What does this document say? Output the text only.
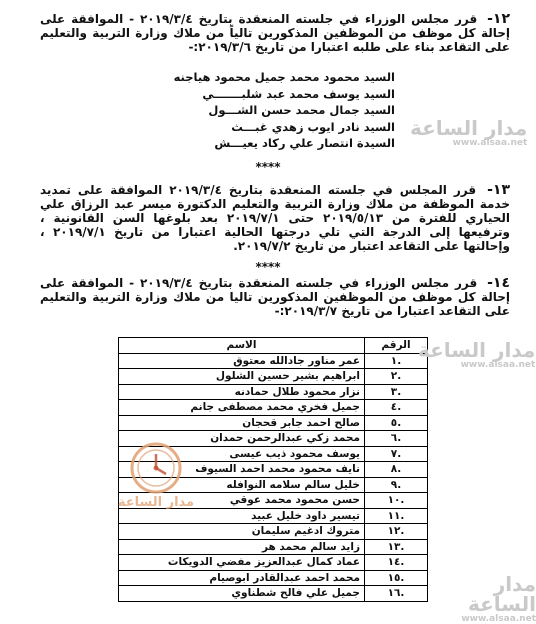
١٢- قرر مجلس الوزراء في جلسته المنعقدة بتاريخ ٢٠١٩/٣/٤ - الموافقة على إحالة كل موظف من الموظفين المذكورين تالياً من ملاك وزارة التربية والتعليم على التقاعد بناء على طلبه اعتبارا من تاريخ ٢٠١٩/٣/٦:-
السيد محمود محمد جميل محمود هياجنه
السيد يوسف محمد عبد شلبـــــــي
السيد جمال محمد حسن الشـــول
السيد نادر ايوب زهدي غبـــث
السيدة انتصار علي ركاد يعيـــش
****
١٣- قرر المجلس في جلسته المنعقدة بتاريخ ٢٠١٩/٣/٤ الموافقة على تمديد خدمة الموظفة من ملاك وزارة التربية والتعليم الدكتورة ميسر عبد الرزاق علي الحياري للفترة من ٢٠١٩/٥/١٣ حتى ٢٠١٩/٧/١ بعد بلوغها السن القانونية ، وترفيعها إلى الدرجة التي تلي درجتها الحالية اعتبارا من تاريخ ٢٠١٩/٧/١ ، وإحالتها على التقاعد اعتبار من تاريخ ٢٠١٩/٧/٢.
****
١٤- قرر مجلس الوزراء في جلسته المنعقدة بتاريخ ٢٠١٩/٣/٤ - الموافقة على إحالة كل موظف من الموظفين المذكورين تاليا من ملاك وزارة التربية والتعليم على التقاعد اعتبارا من تاريخ ٢٠١٩/٣/٧:-
الرقم	الاسم
.١	عمر مناور جادالله معتوق
.٢	ابراهيم بشير حسين الشلول
.٣	نزار محمود طلال حمادنه
.٤	جميل فخري محمد مصطفى جانم
.٥	صالح احمد جابر قحجان
.٦	محمد زكي عبدالرحمن حمدان
.٧	يوسف محمود ذيب عيسى
.٨	نايف محمود محمد احمد السيوف
.٩	خليل سالم سلامه النوافله
.١٠	حسن محمود محمد عوقي
.١١	تيسير داود خليل عبيد
.١٢	متروك ادغيم سليمان
.١٣	زايد سالم محمد هر
.١٤	عماد كمال عبدالعزيز مفضي الدويكات
.١٥	محمد احمد عبدالقادر ابوصيام
.١٦	جميل علي فالح شطناوي
مدار الساعة
www.alsaa.net
مدار الساعة
www.alsaa.net
مدار الساعة
www.alsaa.net
مدار الساعة
